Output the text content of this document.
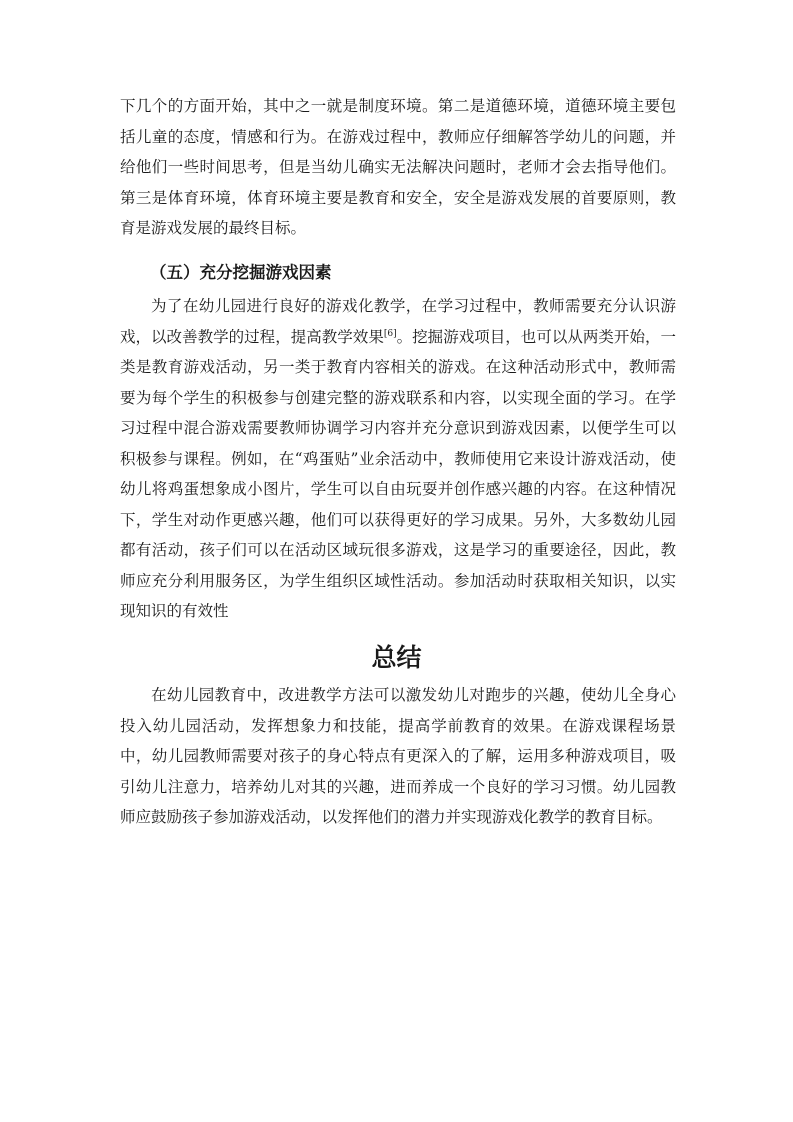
下几个的方面开始，其中之一就是制度环境。第二是道德环境，道德环境主要包括儿童的态度，情感和行为。在游戏过程中，教师应仔细解答学幼儿的问题，并给他们一些时间思考，但是当幼儿确实无法解决问题时，老师才会去指导他们。第三是体育环境，体育环境主要是教育和安全，安全是游戏发展的首要原则，教育是游戏发展的最终目标。

（五）充分挖掘游戏因素

为了在幼儿园进行良好的游戏化教学，在学习过程中，教师需要充分认识游戏，以改善教学的过程，提高教学效果[6]。挖掘游戏项目，也可以从两类开始，一类是教育游戏活动，另一类于教育内容相关的游戏。在这种活动形式中，教师需要为每个学生的积极参与创建完整的游戏联系和内容，以实现全面的学习。在学习过程中混合游戏需要教师协调学习内容并充分意识到游戏因素，以便学生可以积极参与课程。例如，在“鸡蛋贴”业余活动中，教师使用它来设计游戏活动，使幼儿将鸡蛋想象成小图片，学生可以自由玩耍并创作感兴趣的内容。在这种情况下，学生对动作更感兴趣，他们可以获得更好的学习成果。另外，大多数幼儿园都有活动，孩子们可以在活动区域玩很多游戏，这是学习的重要途径，因此，教师应充分利用服务区，为学生组织区域性活动。参加活动时获取相关知识，以实现知识的有效性

总结

在幼儿园教育中，改进教学方法可以激发幼儿对跑步的兴趣，使幼儿全身心投入幼儿园活动，发挥想象力和技能，提高学前教育的效果。在游戏课程场景中，幼儿园教师需要对孩子的身心特点有更深入的了解，运用多种游戏项目，吸引幼儿注意力，培养幼儿对其的兴趣，进而养成一个良好的学习习惯。幼儿园教师应鼓励孩子参加游戏活动，以发挥他们的潜力并实现游戏化教学的教育目标。
